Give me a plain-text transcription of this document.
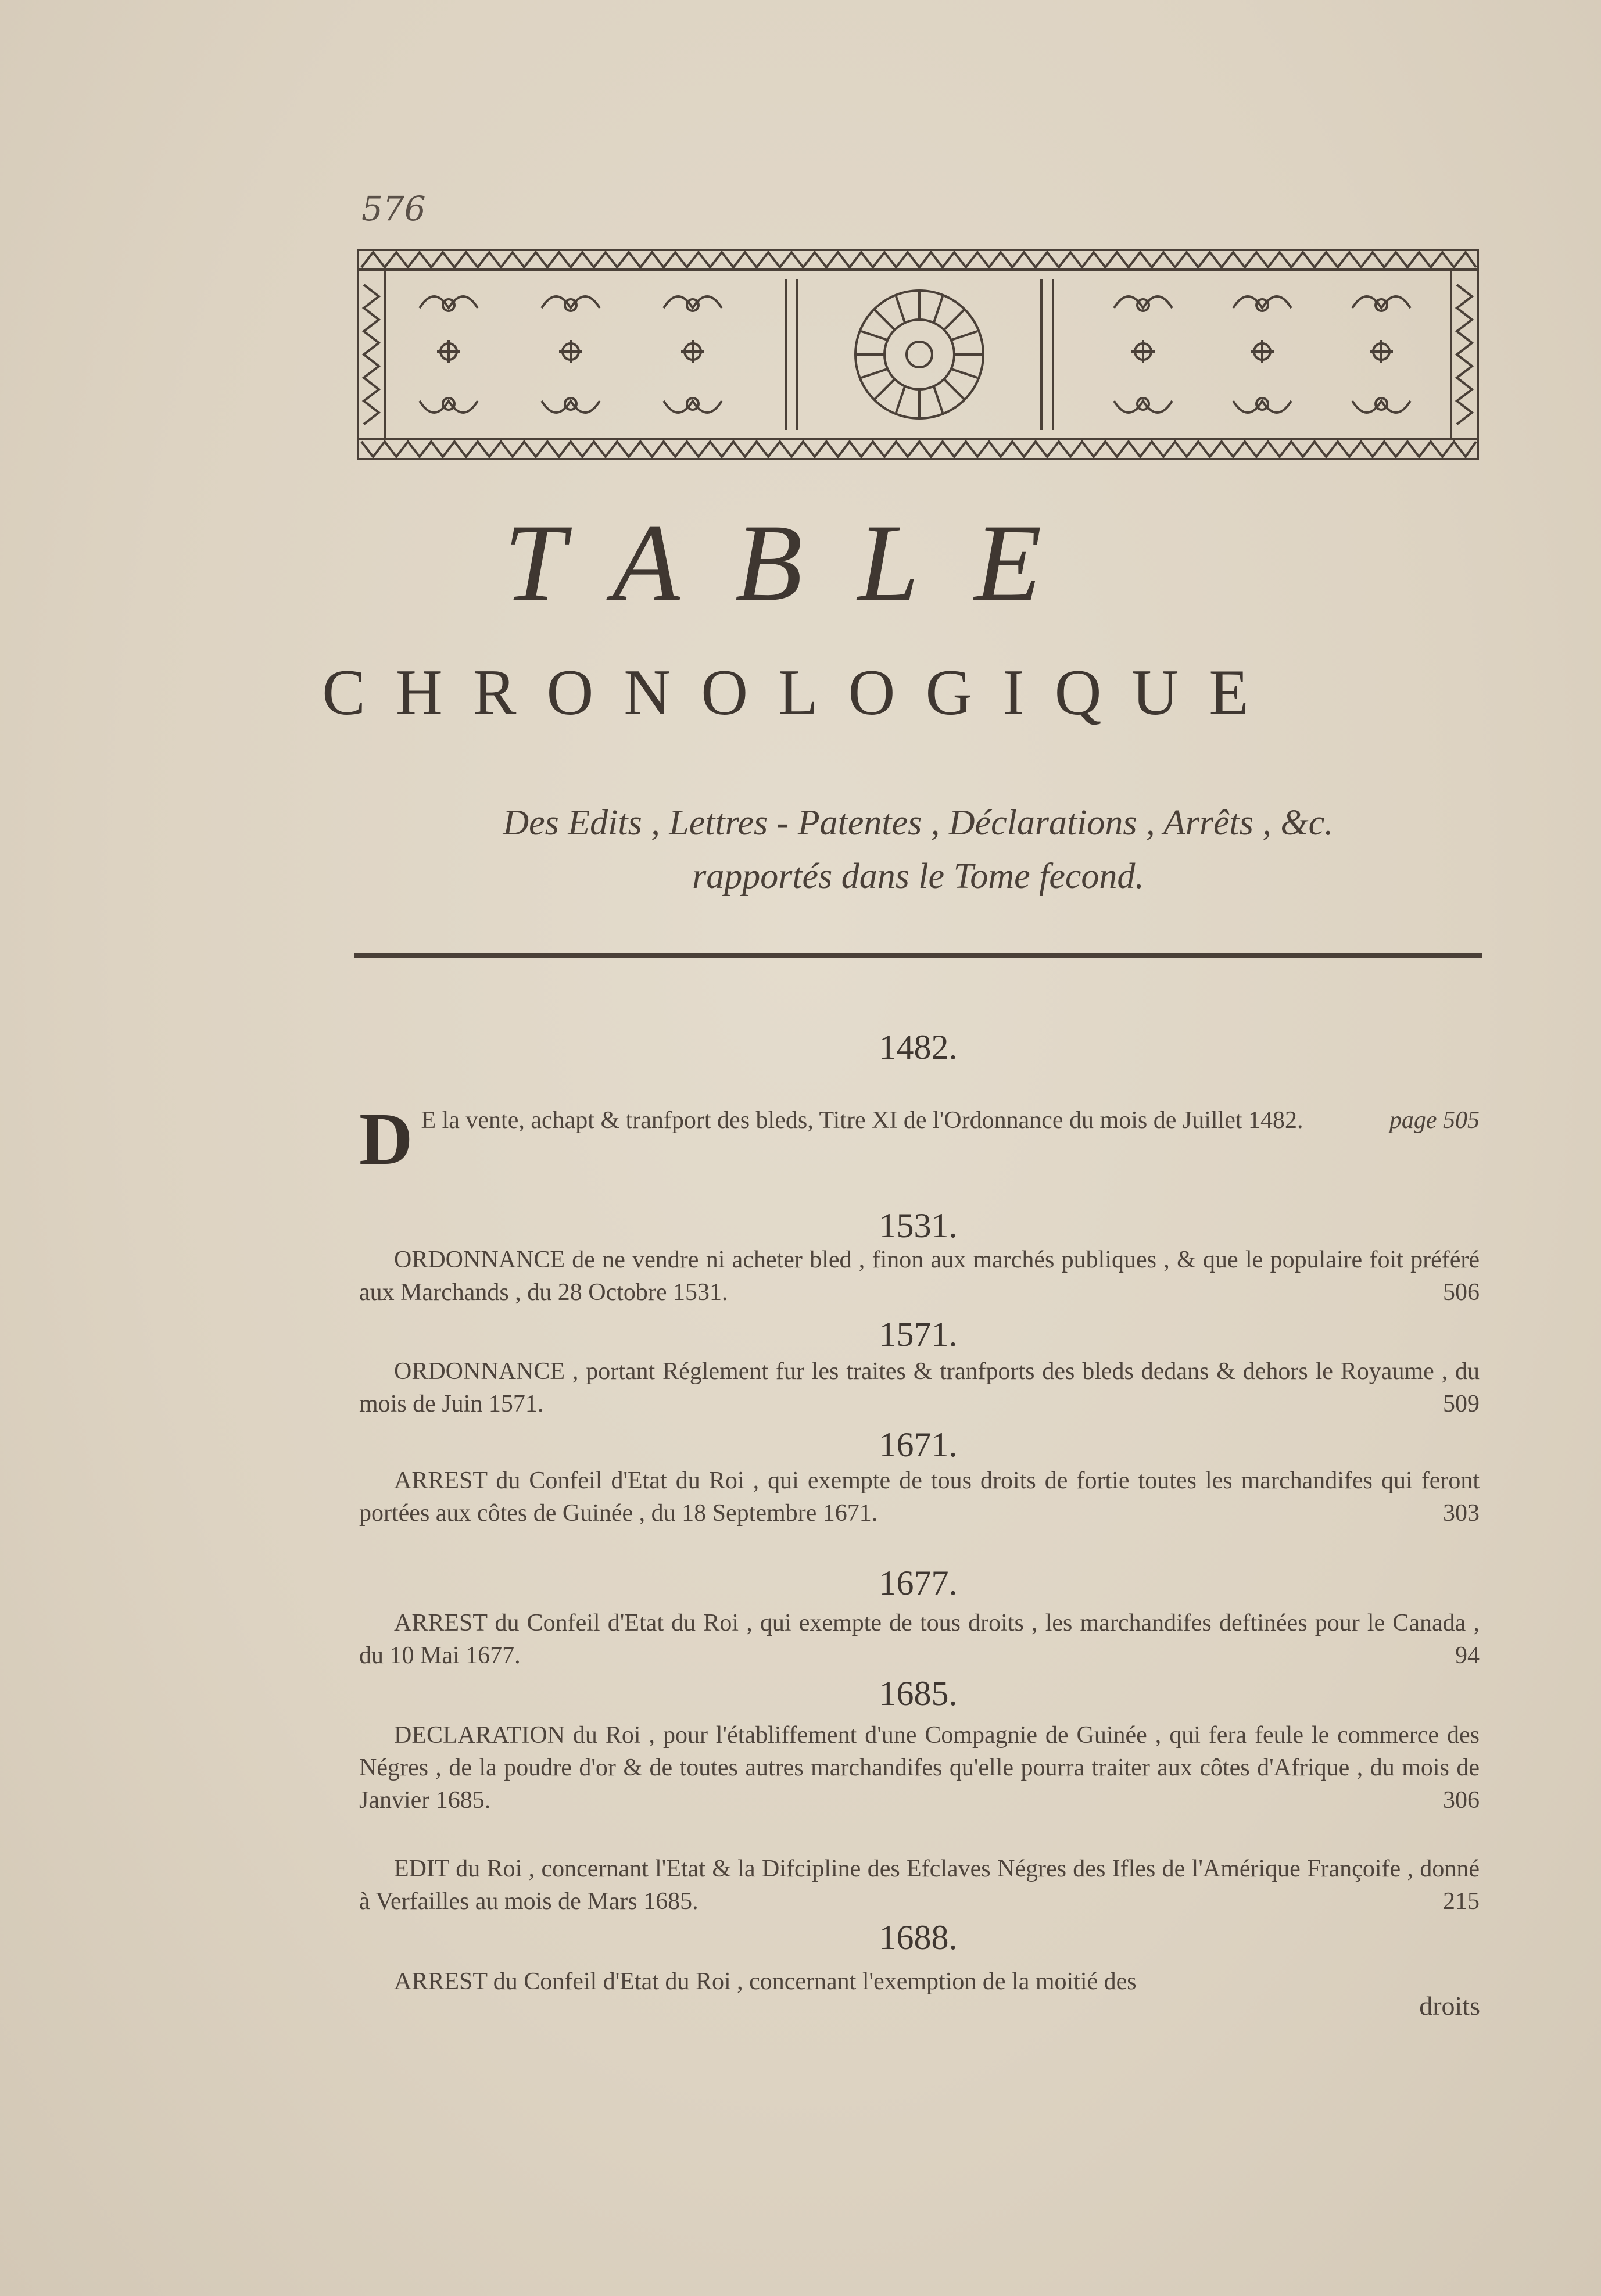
576
TABLE
CHRONOLOGIQUE
Des Edits , Lettres - Patentes , Déclarations , Arrêts , &c.
rapportés dans le Tome fecond.
1482.
D E la vente, achapt & tranfport des bleds, Titre XI de l'Ordonnance du mois de Juillet 1482.	page 505
1531.
ORDONNANCE de ne vendre ni acheter bled , finon aux marchés publiques , & que le populaire foit préféré aux Marchands , du 28 Octobre 1531.	506
1571.
ORDONNANCE , portant Réglement fur les traites & tranfports des bleds dedans & dehors le Royaume , du mois de Juin 1571.	509
1671.
ARREST du Confeil d'Etat du Roi , qui exempte de tous droits de fortie toutes les marchandifes qui feront portées aux côtes de Guinée , du 18 Septembre 1671.	303
1677.
ARREST du Confeil d'Etat du Roi , qui exempte de tous droits , les marchandifes deftinées pour le Canada , du 10 Mai 1677.	94
1685.
DECLARATION du Roi , pour l'établiffement d'une Compagnie de Guinée , qui fera feule le commerce des Négres , de la poudre d'or & de toutes autres marchandifes qu'elle pourra traiter aux côtes d'Afrique , du mois de Janvier 1685.	306
EDIT du Roi , concernant l'Etat & la Difcipline des Efclaves Négres des Ifles de l'Amérique Françoife , donné à Verfailles au mois de Mars 1685.	215
1688.
ARREST du Confeil d'Etat du Roi , concernant l'exemption de la moitié des
droits
